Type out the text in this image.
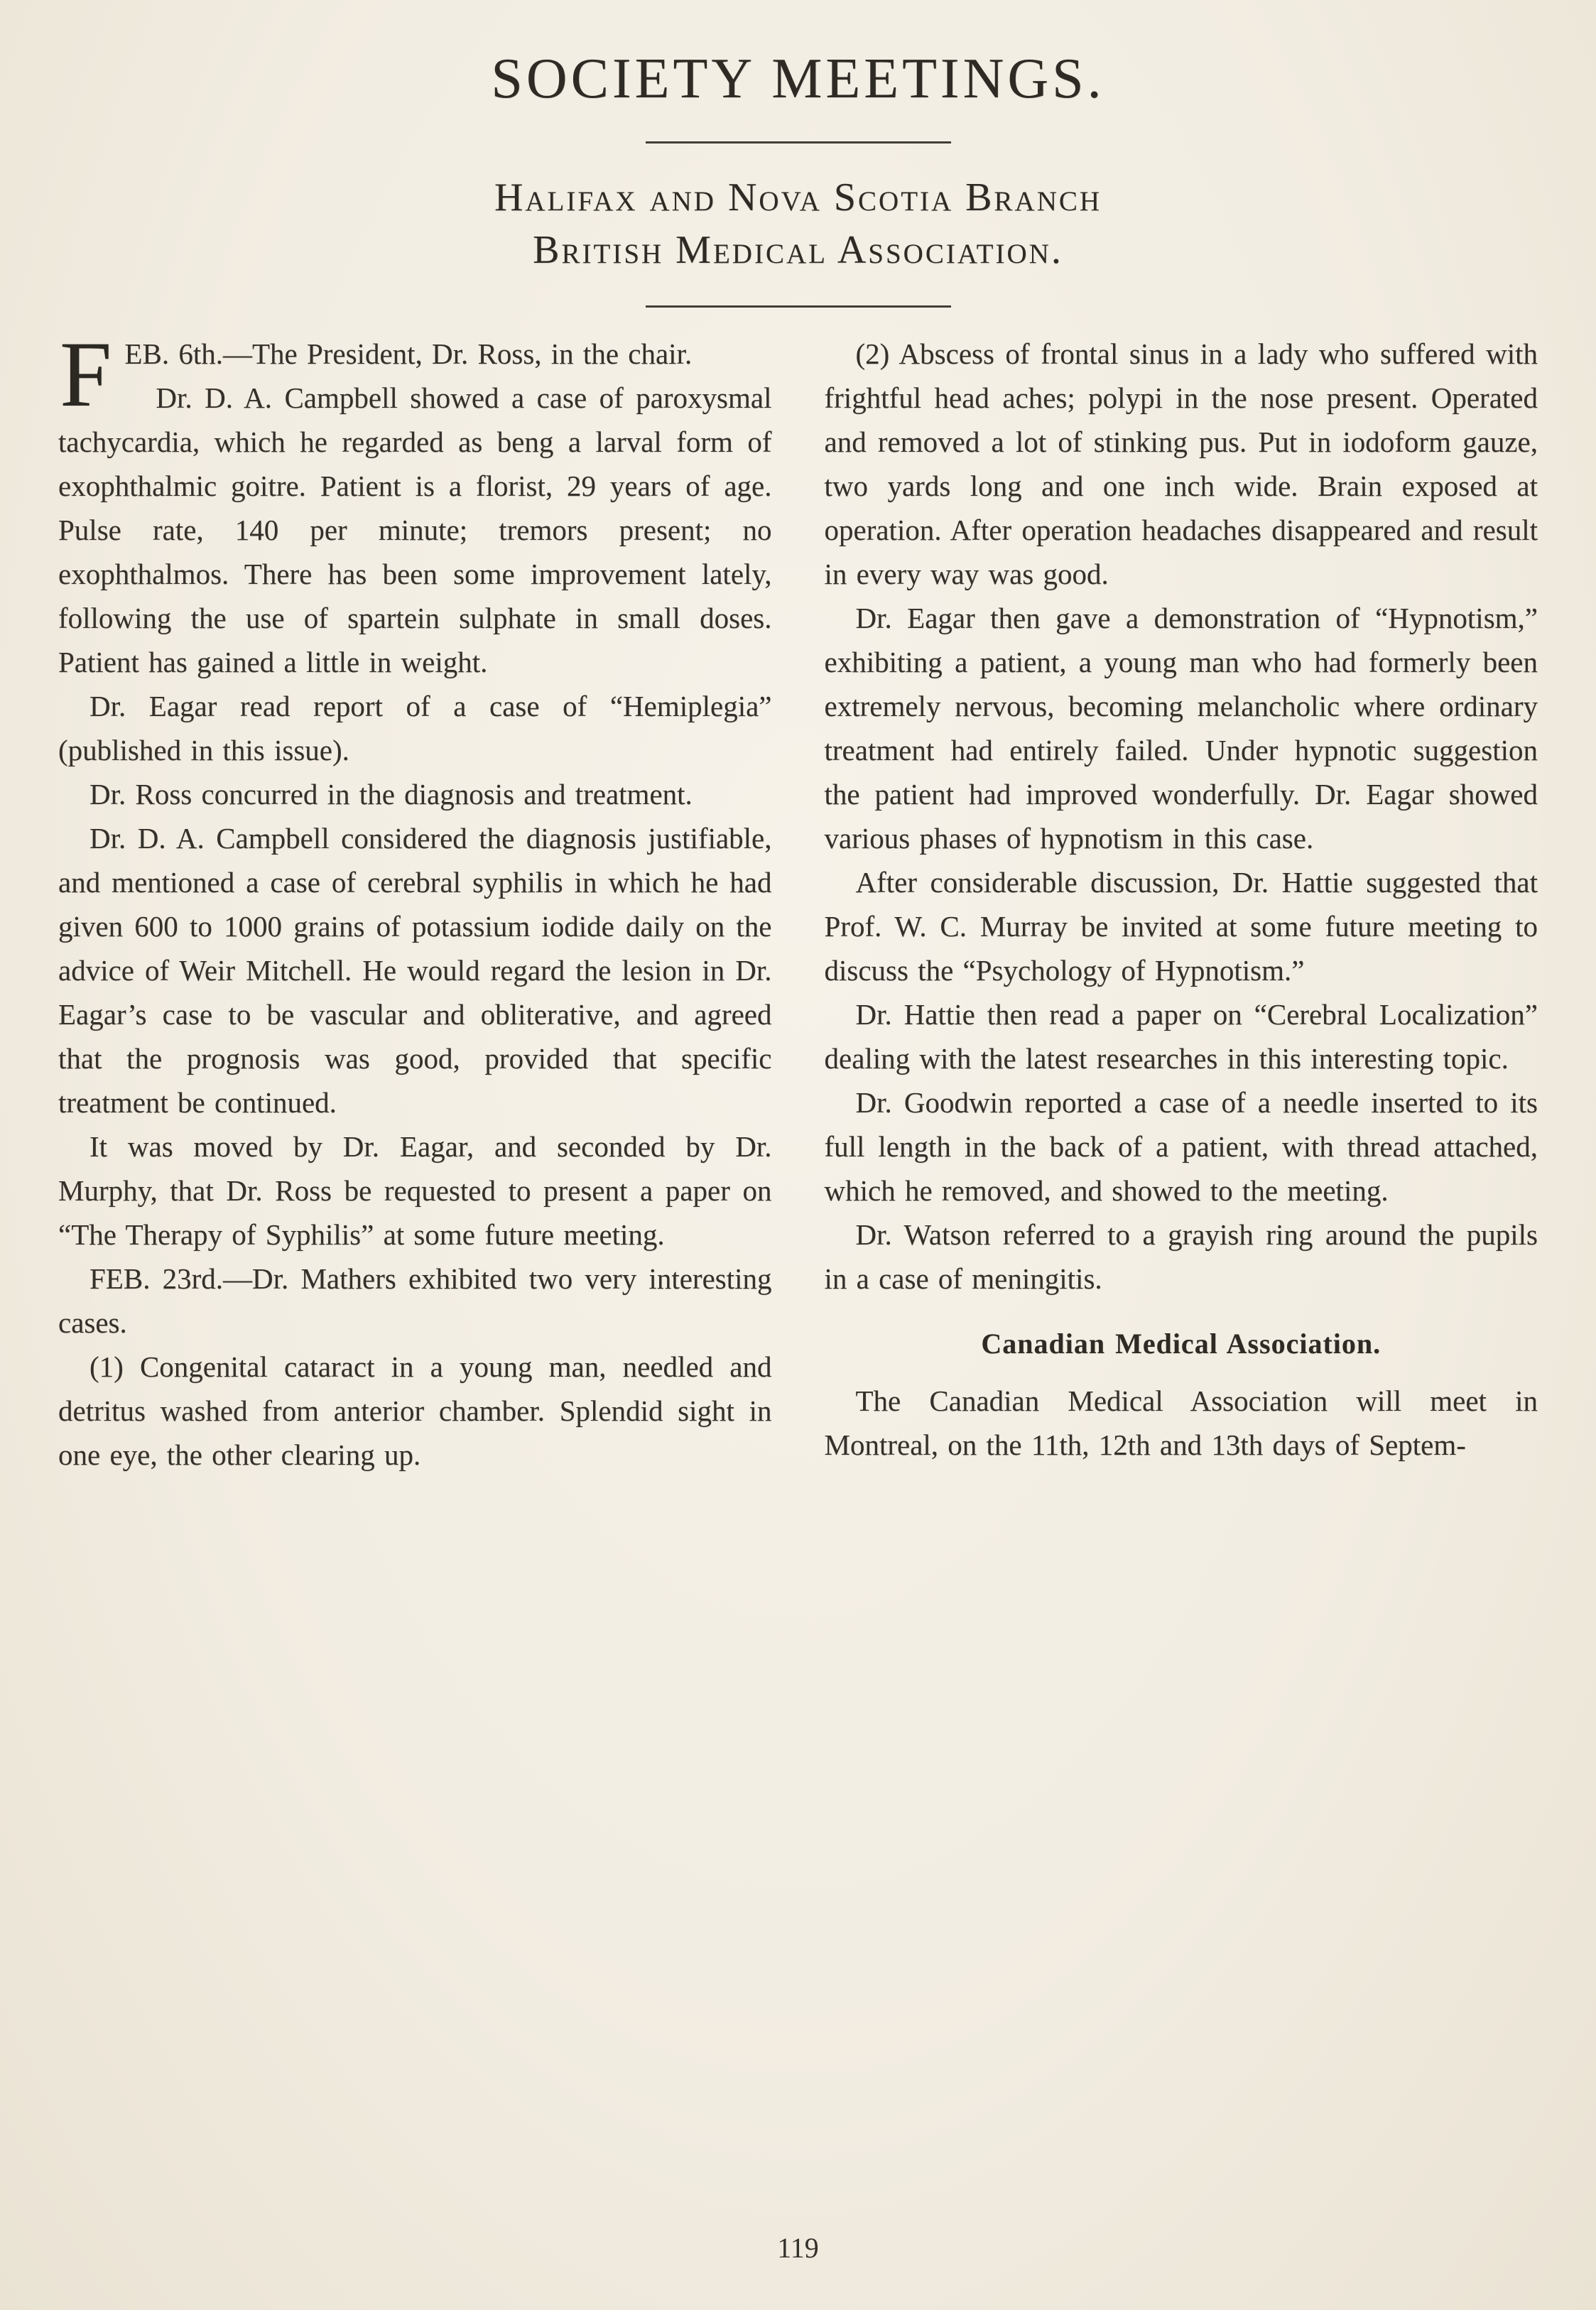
SOCIETY MEETINGS.
Halifax and Nova Scotia Branch
British Medical Association.
F EB. 6th.—The President, Dr. Ross, in the chair.

Dr. D. A. Campbell showed a case of paroxysmal tachycardia, which he regarded as beng a larval form of exophthalmic goitre. Patient is a florist, 29 years of age. Pulse rate, 140 per minute; tremors present; no exophthalmos. There has been some improvement lately, following the use of spartein sulphate in small doses. Patient has gained a little in weight.

Dr. Eagar read report of a case of “Hemiplegia” (published in this issue).

Dr. Ross concurred in the diagnosis and treatment.

Dr. D. A. Campbell considered the diagnosis justifiable, and mentioned a case of cerebral syphilis in which he had given 600 to 1000 grains of potassium iodide daily on the advice of Weir Mitchell. He would regard the lesion in Dr. Eagar’s case to be vascular and obliterative, and agreed that the prognosis was good, provided that specific treatment be continued.

It was moved by Dr. Eagar, and seconded by Dr. Murphy, that Dr. Ross be requested to present a paper on “The Therapy of Syphilis” at some future meeting.

FEB. 23rd.—Dr. Mathers exhibited two very interesting cases.

(1) Congenital cataract in a young man, needled and detritus washed from anterior chamber. Splendid sight in one eye, the other clearing up.

(2) Abscess of frontal sinus in a lady who suffered with frightful head aches; polypi in the nose present. Operated and removed a lot of stinking pus. Put in iodoform gauze, two yards long and one inch wide. Brain exposed at operation. After operation headaches disappeared and result in every way was good.

Dr. Eagar then gave a demonstration of “Hypnotism,” exhibiting a patient, a young man who had formerly been extremely nervous, becoming melancholic where ordinary treatment had entirely failed. Under hypnotic suggestion the patient had improved wonderfully. Dr. Eagar showed various phases of hypnotism in this case.

After considerable discussion, Dr. Hattie suggested that Prof. W. C. Murray be invited at some future meeting to discuss the “Psychology of Hypnotism.”

Dr. Hattie then read a paper on “Cerebral Localization” dealing with the latest researches in this interesting topic.

Dr. Goodwin reported a case of a needle inserted to its full length in the back of a patient, with thread attached, which he removed, and showed to the meeting.

Dr. Watson referred to a grayish ring around the pupils in a case of meningitis.

Canadian Medical Association.

The Canadian Medical Association will meet in Montreal, on the 11th, 12th and 13th days of Septem-

119
